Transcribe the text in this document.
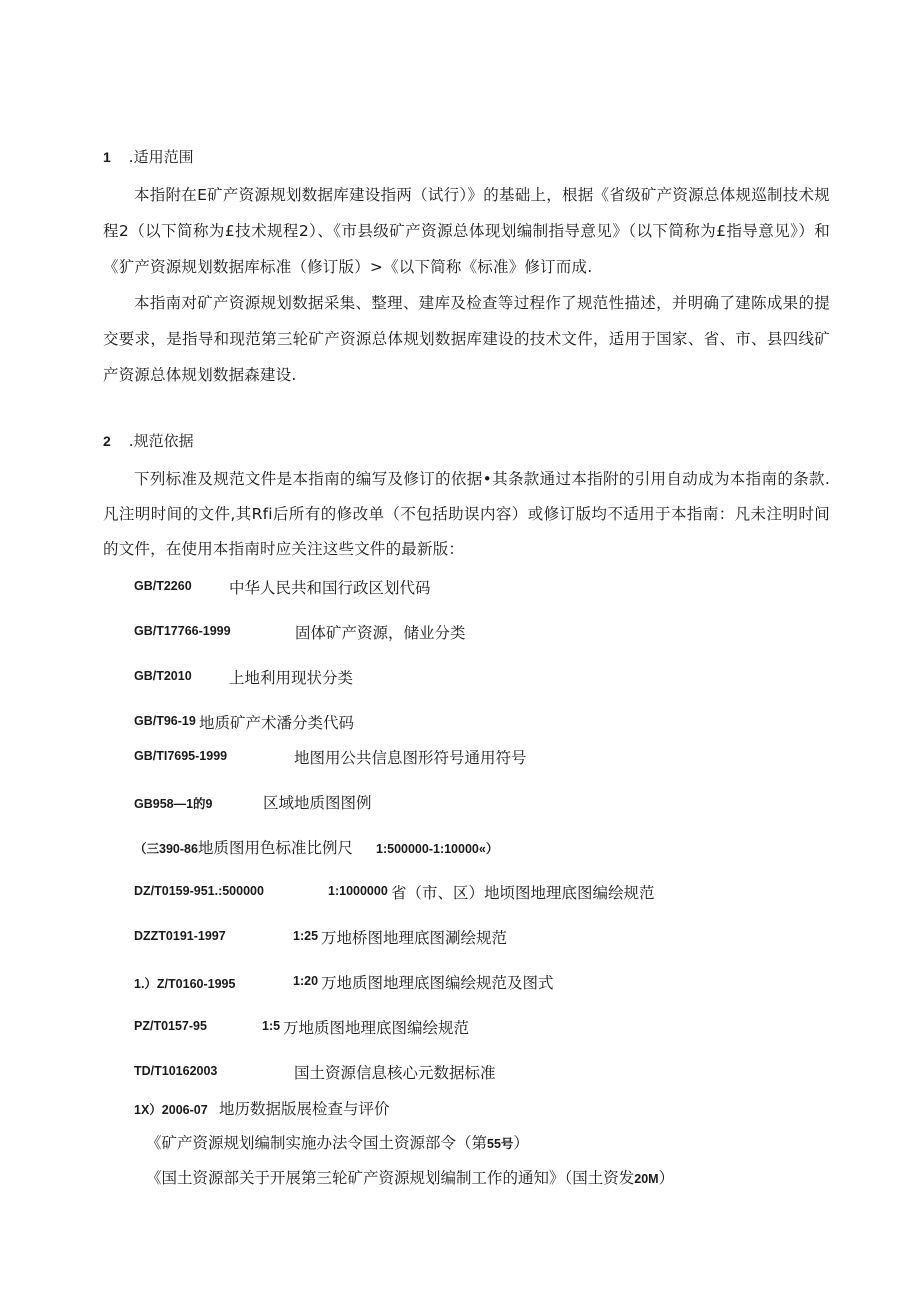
1 .适用范围
本指附在E矿产资源规划数据库建设指两（试行）》的基础上，根据《省级矿产资源总体规巡制技术规程2（以下简称为£技术规程2）、《市县级矿产资源总体现划编制指导意见》（以下简称为£指导意见》）和《犷产资源规划数据库标准（修订版）>《以下简称《标准》修订而成.
本指南对矿产资源规划数据采集、整理、建库及检查等过程作了规范性描述，并明确了建陈成果的提交要求，是指导和现范第三轮矿产资源总体规划数据库建设的技术文件，适用于国家、省、市、县四线矿产资源总体规划数据森建设.
2 .规范依据
下列标准及规范文件是本指南的编写及修订的依据•其条款通过本指附的引用自动成为本指南的条款.凡注明时间的文件,其Rfi后所有的修改单（不包括助误内容）或修订版均不适用于本指南：凡未注明时间的文件，在使用本指南时应关注这些文件的最新版：
GB/T2260 中华人民共和国行政区划代码
GB/T17766-1999	固体矿产资源，储业分类
GB/T2010 上地利用现状分类
GB/T96-19 地质矿产术潘分类代码
GB/TI7695-1999	地图用公共信息图形符号通用符号
GB958—1的9	区域地质图图例
（三390-86 地质图用色标准比例尺 1:500000-1:10000«）
DZ/T0159-951.:500000	1:1000000 省（市、区）地顷图地理底图编绘规范
DZZT0191-1997	1:25 万地桥图地理底图涮绘规范
1.）Z/T0160-1995	1:20 万地质图地理底图编绘规范及图式
PZ/T0157-95	1:5 万地质图地理底图编绘规范
TD/T10162003	国土资源信息核心元数据标准
1X）2006-07 地历数据版展检查与评价
《矿产资源规划编制实施办法令国土资源部令（第55号）
《国土资源部关于开展第三轮矿产资源规划编制工作的通知》（国土资发20M）
